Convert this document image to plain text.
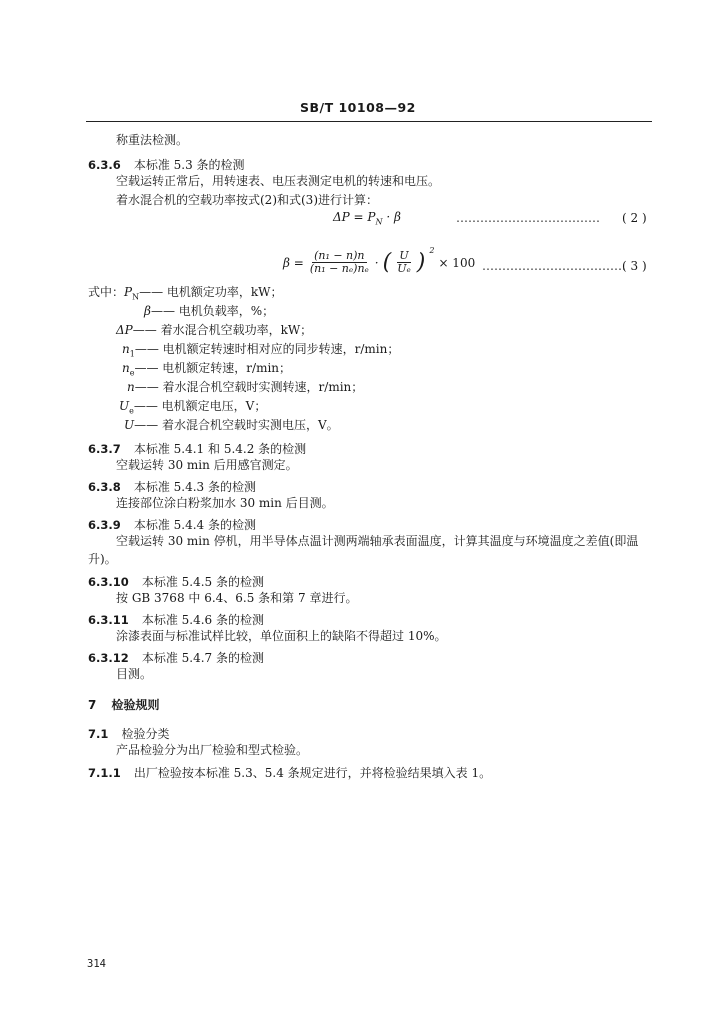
SB/T 10108—92
称重法检测。
6.3.6 本标准 5.3 条的检测
空载运转正常后，用转速表、电压表测定电机的转速和电压。
着水混合机的空载功率按式(2)和式(3)进行计算：
$\Delta P = P_N \cdot \beta$	……………………………… ( 2 )
$\beta = \frac{\text{(n₁ − n)n}}{\text{(n₁ − nₑ)nₑ}}$ · ( $\frac{U}{\text{Uₑ}}$ ) $^2$
× 100 ………………………………
( 3 )
式中：$P_N——$ 电机额定功率，kW；
β—— 电机负载率，%；
ΔP—— 着水混合机空载功率，kW；
$n_1——$ 电机额定转速时相对应的同步转速，r/min；
$n_e——$ 电机额定转速，r/min；
n—— 着水混合机空载时实测转速，r/min；
$U_e——$ 电机额定电压，V；
U—— 着水混合机空载时实测电压，V。
6.3.7 本标准 5.4.1 和 5.4.2 条的检测
空载运转 30 min 后用感官测定。
6.3.8 本标准 5.4.3 条的检测
连接部位涂白粉浆加水 30 min 后目测。
6.3.9 本标准 5.4.4 条的检测
空载运转 30 min 停机，用半导体点温计测两端轴承表面温度，计算其温度与环境温度之差值(即温
升)。
6.3.10 本标准 5.4.5 条的检测
按 GB 3768 中 6.4、6.5 条和第 7 章进行。
6.3.11 本标准 5.4.6 条的检测
涂漆表面与标准试样比较，单位面积上的缺陷不得超过 10%。
6.3.12 本标准 5.4.7 条的检测
目测。
7 检验规则
7.1 检验分类
产品检验分为出厂检验和型式检验。
7.1.1 出厂检验按本标准 5.3、5.4 条规定进行，并将检验结果填入表 1。
314
